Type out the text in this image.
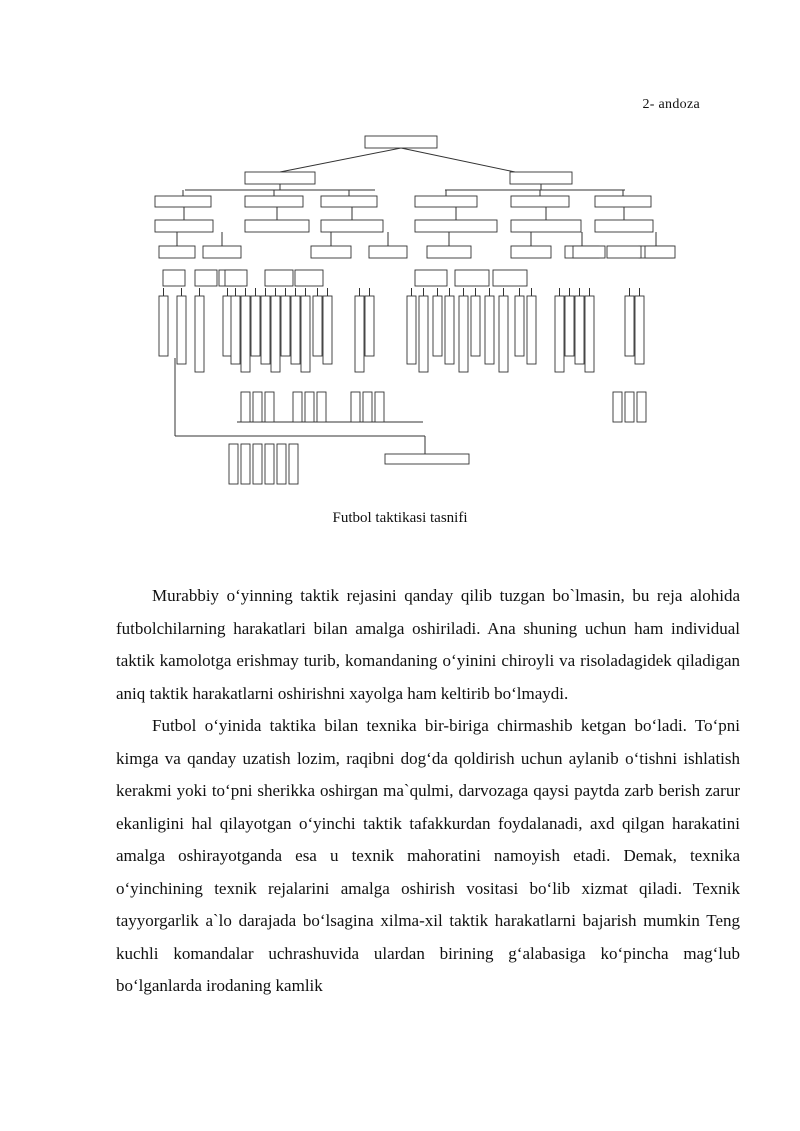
2- andoza
Futbol taktikasi tasnifi

Murabbiy o‘yinning taktik rejasini qanday qilib tuzgan bo`lmasin, bu reja alohida futbolchilarning harakatlari bilan amalga oshiriladi. Ana shuning uchun ham individual taktik kamolotga erishmay turib, komandaning o‘yinini chiroyli va risoladagidek qiladigan aniq taktik harakatlarni oshirishni xayolga ham keltirib bo‘lmaydi.

Futbol o‘yinida taktika bilan texnika bir-biriga chirmashib ketgan bo‘ladi. To‘pni kimga va qanday uzatish lozim, raqibni dog‘da qoldirish uchun aylanib o‘tishni ishlatish kerakmi yoki to‘pni sherikka oshirgan ma`qulmi, darvozaga qaysi paytda zarb berish zarur ekanligini hal qilayotgan o‘yinchi taktik tafakkurdan foydalanadi, axd qilgan harakatini amalga oshirayotganda esa u texnik mahoratini namoyish etadi. Demak, texnika o‘yinchining texnik rejalarini amalga oshirish vositasi bo‘lib xizmat qiladi. Texnik tayyorgarlik a`lo darajada bo‘lsagina xilma-xil taktik harakatlarni bajarish mumkin Teng kuchli komandalar uchrashuvida ulardan birining g‘alabasiga ko‘pincha mag‘lub bo‘lganlarda irodaning kamlik
